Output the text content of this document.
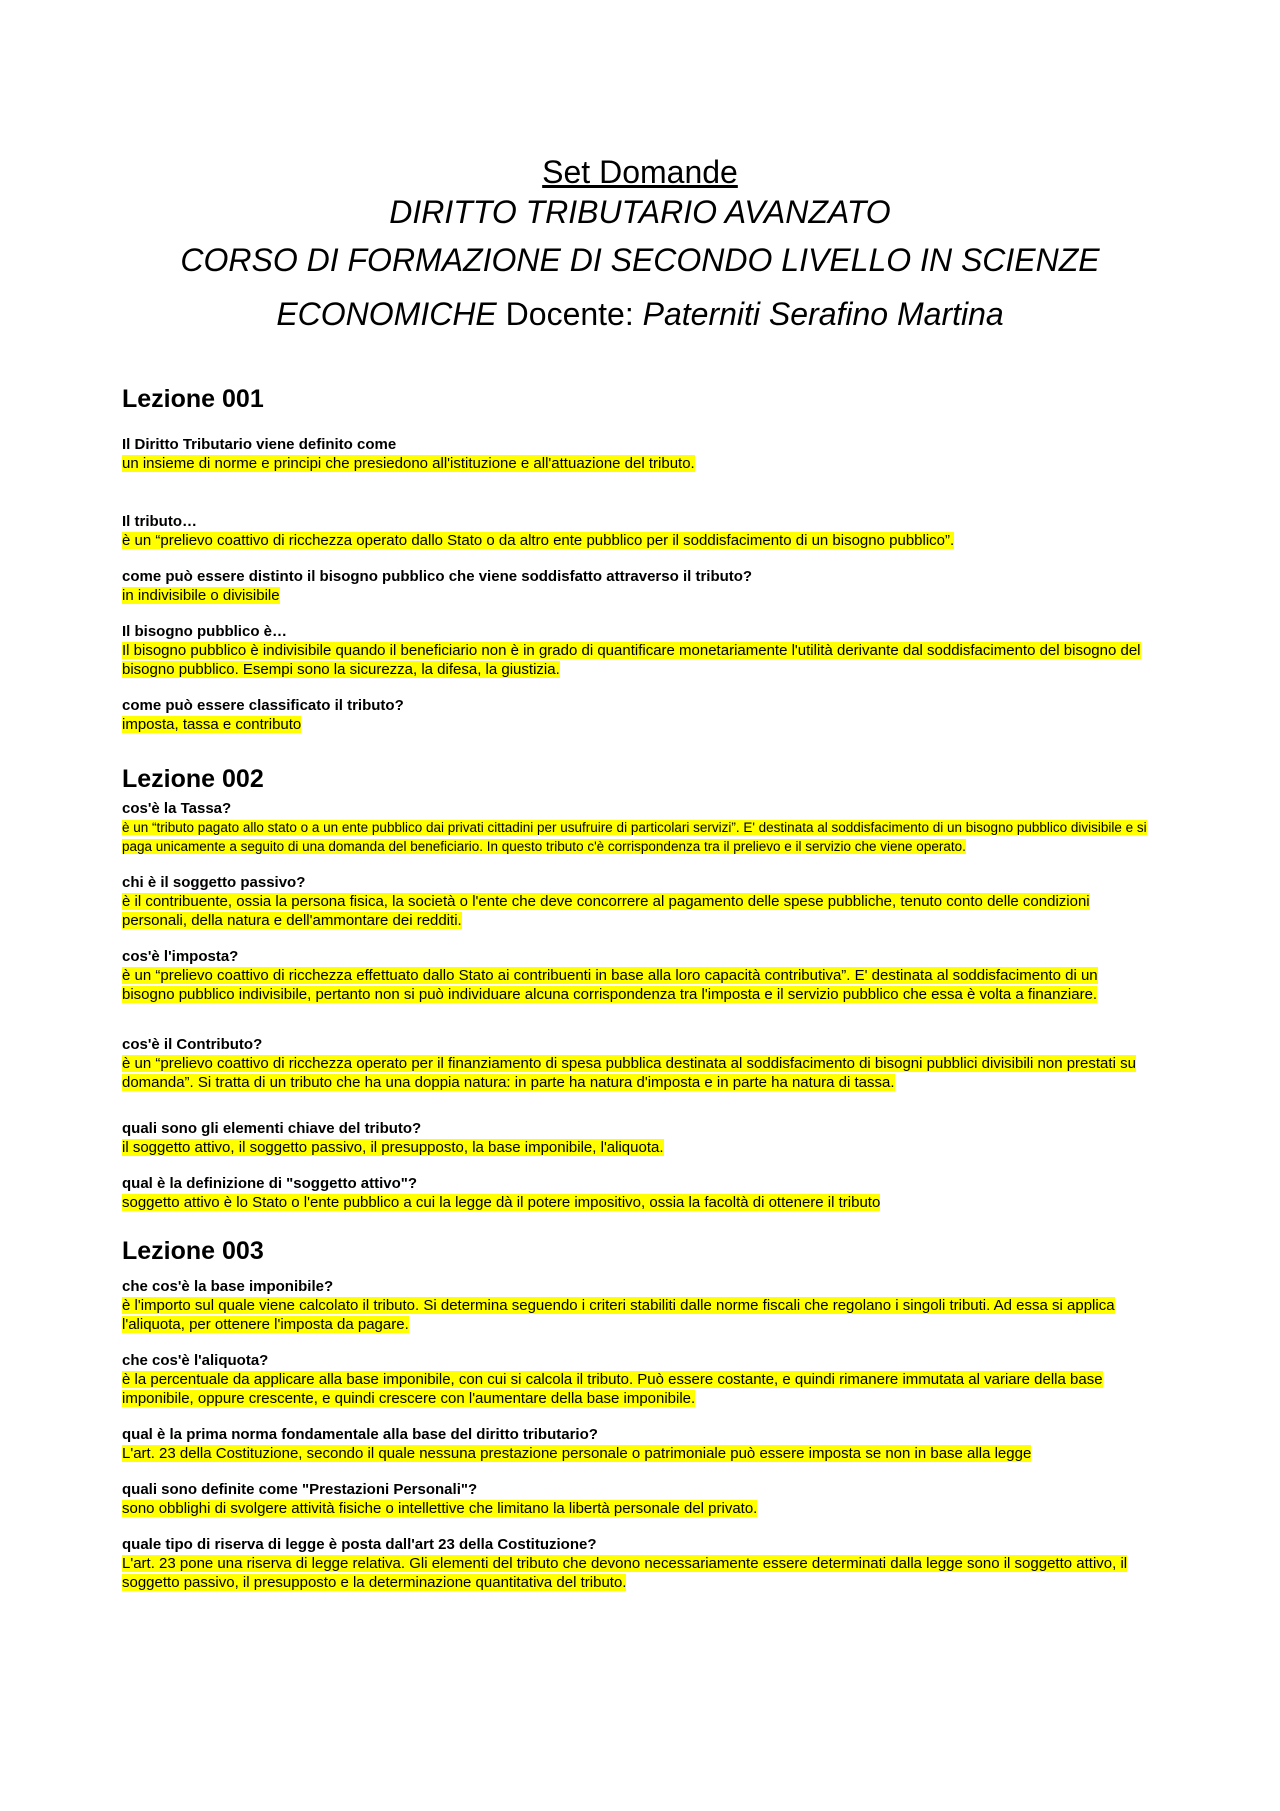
Set Domande
DIRITTO TRIBUTARIO AVANZATO
CORSO DI FORMAZIONE DI SECONDO LIVELLO IN SCIENZE
ECONOMICHE Docente: Paterniti Serafino Martina
Lezione 001
Il Diritto Tributario viene definito come
un insieme di norme e principi che presiedono all'istituzione e all'attuazione del tributo.
Il tributo…
è un “prelievo coattivo di ricchezza operato dallo Stato o da altro ente pubblico per il soddisfacimento di un bisogno pubblico”.
come può essere distinto il bisogno pubblico che viene soddisfatto attraverso il tributo?
in indivisibile o divisibile
Il bisogno pubblico è…
Il bisogno pubblico è indivisibile quando il beneficiario non è in grado di quantificare monetariamente l'utilità derivante dal soddisfacimento del bisogno del bisogno pubblico. Esempi sono la sicurezza, la difesa, la giustizia.
come può essere classificato il tributo?
imposta, tassa e contributo
Lezione 002
cos'è la Tassa?
è un “tributo pagato allo stato o a un ente pubblico dai privati cittadini per usufruire di particolari servizi”. E' destinata al soddisfacimento di un bisogno pubblico divisibile e si paga unicamente a seguito di una domanda del beneficiario. In questo tributo c'è corrispondenza tra il prelievo e il servizio che viene operato.
chi è il soggetto passivo?
è il contribuente, ossia la persona fisica, la società o l'ente che deve concorrere al pagamento delle spese pubbliche, tenuto conto delle condizioni personali, della natura e dell'ammontare dei redditi.
cos'è l'imposta?
è un “prelievo coattivo di ricchezza effettuato dallo Stato ai contribuenti in base alla loro capacità contributiva”. E' destinata al soddisfacimento di un bisogno pubblico indivisibile, pertanto non si può individuare alcuna corrispondenza tra l'imposta e il servizio pubblico che essa è volta a finanziare.
cos'è il Contributo?
è un “prelievo coattivo di ricchezza operato per il finanziamento di spesa pubblica destinata al soddisfacimento di bisogni pubblici divisibili non prestati su domanda”. Si tratta di un tributo che ha una doppia natura: in parte ha natura d'imposta e in parte ha natura di tassa.
quali sono gli elementi chiave del tributo?
il soggetto attivo, il soggetto passivo, il presupposto, la base imponibile, l'aliquota.
qual è la definizione di "soggetto attivo"?
soggetto attivo è lo Stato o l'ente pubblico a cui la legge dà il potere impositivo, ossia la facoltà di ottenere il tributo
Lezione 003
che cos'è la base imponibile?
è l'importo sul quale viene calcolato il tributo. Si determina seguendo i criteri stabiliti dalle norme fiscali che regolano i singoli tributi. Ad essa si applica l'aliquota, per ottenere l'imposta da pagare.
che cos'è l'aliquota?
è la percentuale da applicare alla base imponibile, con cui si calcola il tributo. Può essere costante, e quindi rimanere immutata al variare della base imponibile, oppure crescente, e quindi crescere con l'aumentare della base imponibile.
qual è la prima norma fondamentale alla base del diritto tributario?
L'art. 23 della Costituzione, secondo il quale nessuna prestazione personale o patrimoniale può essere imposta se non in base alla legge
quali sono definite come "Prestazioni Personali"?
sono obblighi di svolgere attività fisiche o intellettive che limitano la libertà personale del privato.
quale tipo di riserva di legge è posta dall'art 23 della Costituzione?
L'art. 23 pone una riserva di legge relativa. Gli elementi del tributo che devono necessariamente essere determinati dalla legge sono il soggetto attivo, il soggetto passivo, il presupposto e la determinazione quantitativa del tributo.
